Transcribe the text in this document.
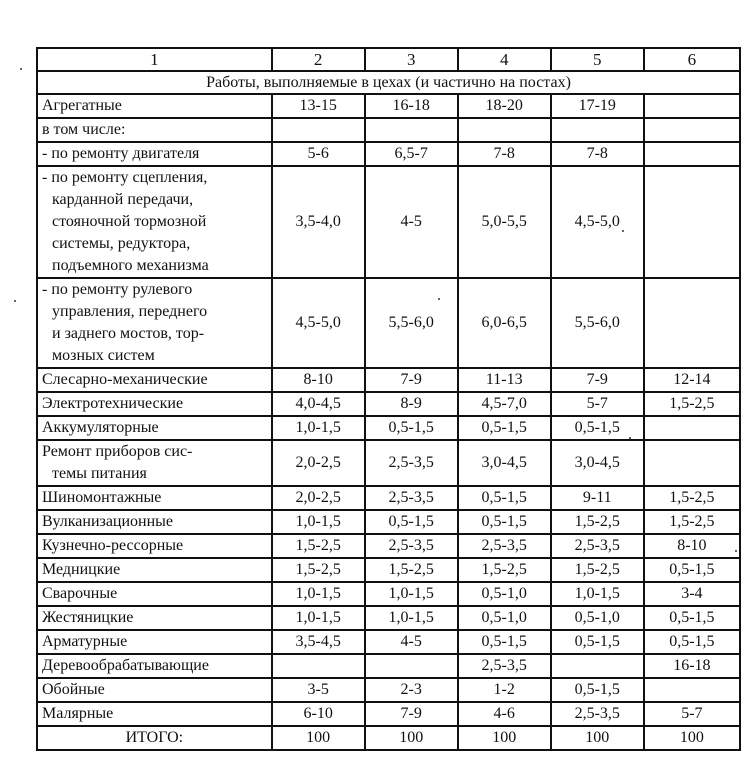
1	2	3	4	5	6
Работы, выполняемые в цехах (и частично на постах)					

Агрегатные	13-15	16-18	18-20	17-19	

в том числе:					

- по ремонту двигателя	5-6	6,5-7	7-8	7-8	

- по ремонту сцепления,
карданной передачи,
стояночной тормозной
системы, редуктора,
подъемного механизма	3,5-4,0	4-5	5,0-5,5	4,5-5,0	

- по ремонту рулевого
управления, переднего
и заднего мостов, тор-
мозных систем	4,5-5,0	5,5-6,0	6,0-6,5	5,5-6,0	

Слесарно-механические	8-10	7-9	11-13	7-9	12-14

Электротехнические	4,0-4,5	8-9	4,5-7,0	5-7	1,5-2,5

Аккумуляторные	1,0-1,5	0,5-1,5	0,5-1,5	0,5-1,5	

Ремонт приборов сис-
темы питания	2,0-2,5	2,5-3,5	3,0-4,5	3,0-4,5	

Шиномонтажные	2,0-2,5	2,5-3,5	0,5-1,5	9-11	1,5-2,5

Вулканизационные	1,0-1,5	0,5-1,5	0,5-1,5	1,5-2,5	1,5-2,5

Кузнечно-рессорные	1,5-2,5	2,5-3,5	2,5-3,5	2,5-3,5	8-10

Медницкие	1,5-2,5	1,5-2,5	1,5-2,5	1,5-2,5	0,5-1,5

Сварочные	1,0-1,5	1,0-1,5	0,5-1,0	1,0-1,5	3-4

Жестяницкие	1,0-1,5	1,0-1,5	0,5-1,0	0,5-1,0	0,5-1,5

Арматурные	3,5-4,5	4-5	0,5-1,5	0,5-1,5	0,5-1,5

Деревообрабатывающие			2,5-3,5		16-18

Обойные	3-5	2-3	1-2	0,5-1,5	

Малярные	6-10	7-9	4-6	2,5-3,5	5-7
ИТОГО:	100	100	100	100	100
